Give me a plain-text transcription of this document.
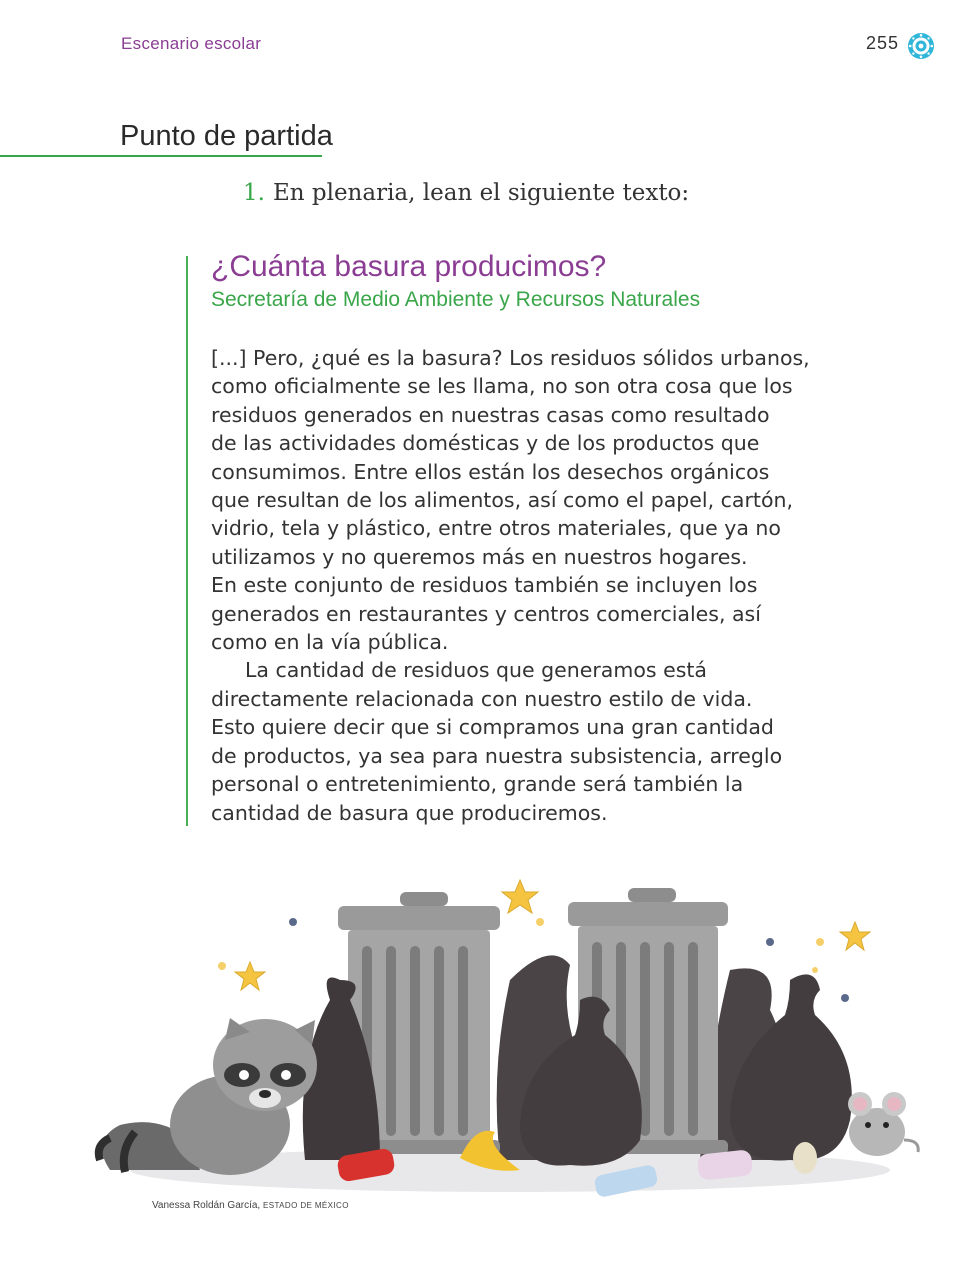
Escenario escolar	255
Punto de partida
1. En plenaria, lean el siguiente texto:
¿Cuánta basura producimos?
Secretaría de Medio Ambiente y Recursos Naturales

[...] Pero, ¿qué es la basura? Los residuos sólidos urbanos,
como oficialmente se les llama, no son otra cosa que los
residuos generados en nuestras casas como resultado
de las actividades domésticas y de los productos que
consumimos. Entre ellos están los desechos orgánicos
que resultan de los alimentos, así como el papel, cartón,
vidrio, tela y plástico, entre otros materiales, que ya no
utilizamos y no queremos más en nuestros hogares.
En este conjunto de residuos también se incluyen los
generados en restaurantes y centros comerciales, así
como en la vía pública.

La cantidad de residuos que generamos está
directamente relacionada con nuestro estilo de vida.
Esto quiere decir que si compramos una gran cantidad
de productos, ya sea para nuestra subsistencia, arreglo
personal o entretenimiento, grande será también la
cantidad de basura que produciremos.

Vanessa Roldán García, ESTADO DE MÉXICO
